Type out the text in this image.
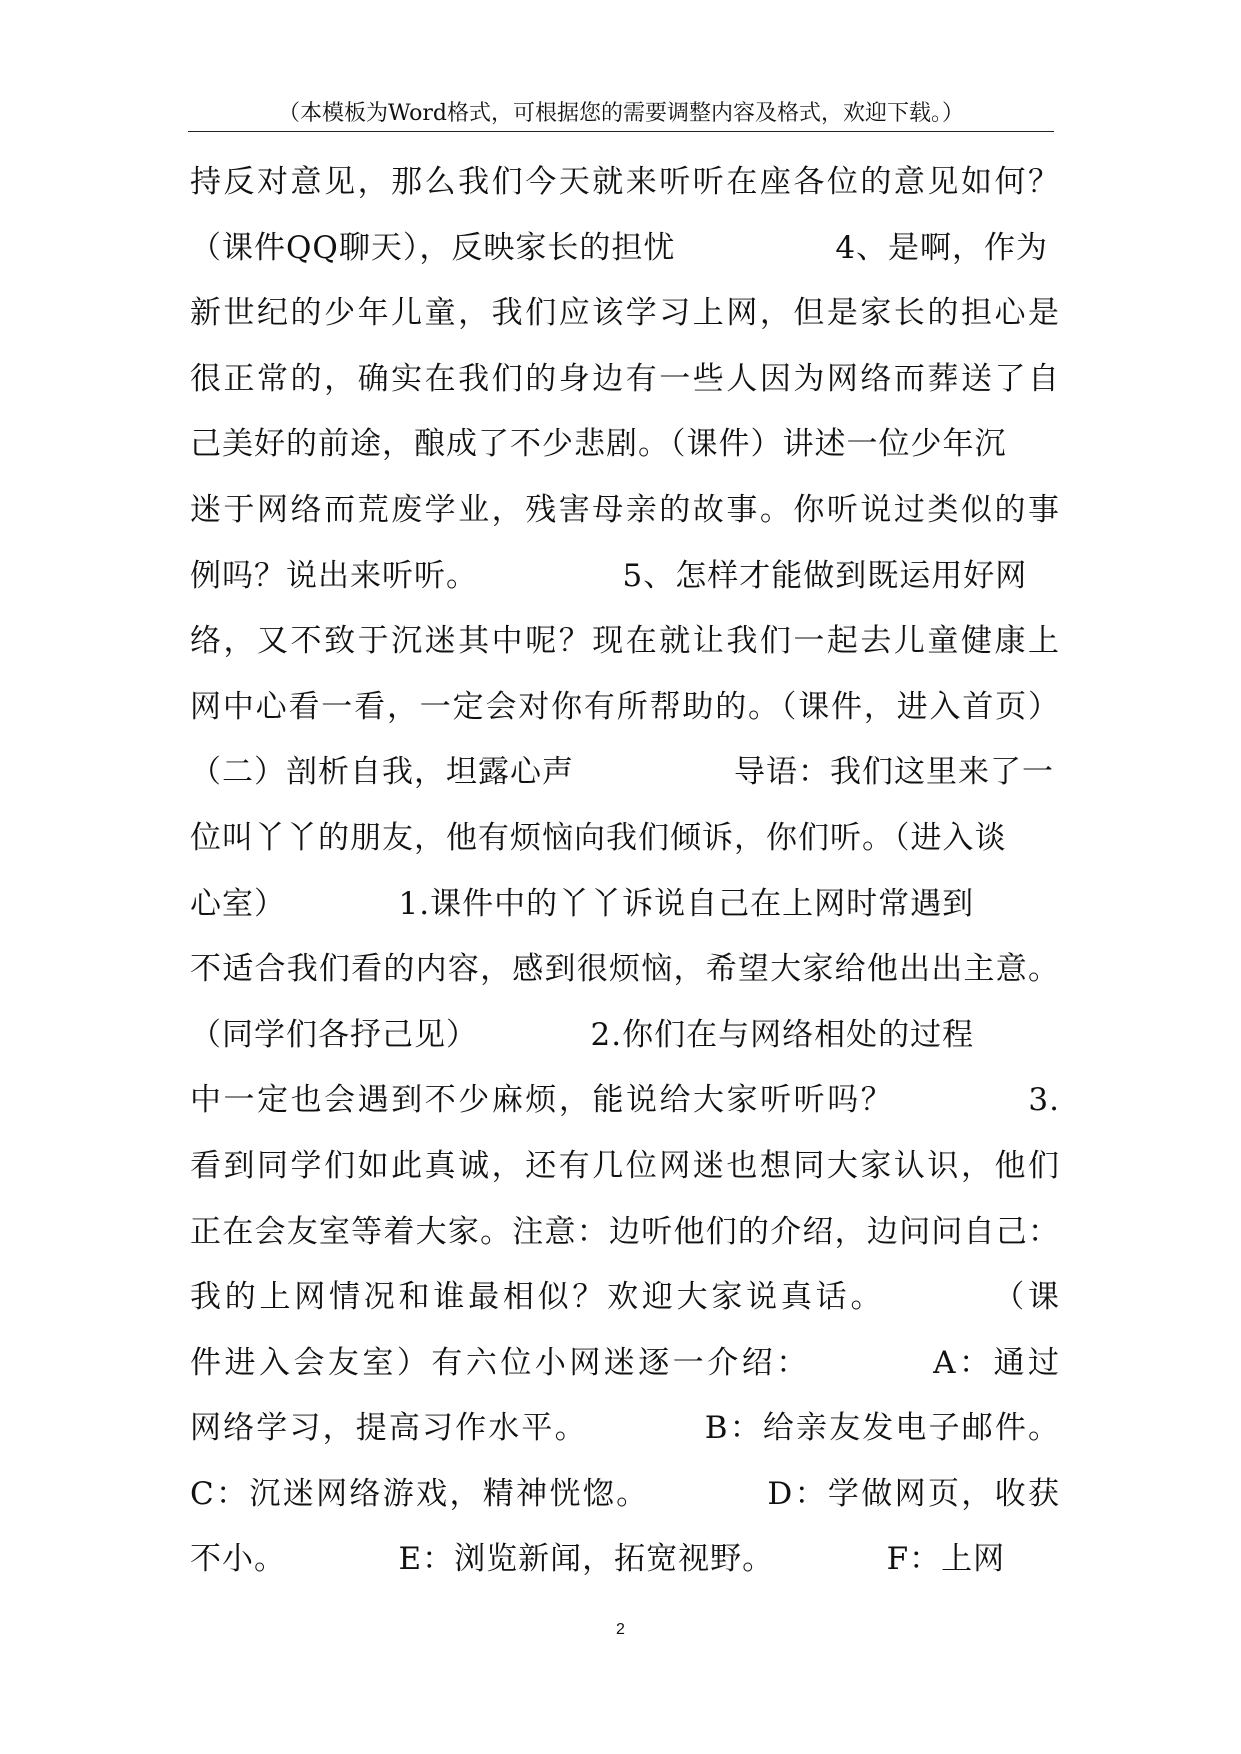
（本模板为Word格式，可根据您的需要调整内容及格式，欢迎下载。）
持反对意见，那么我们今天就来听听在座各位的意见如何？
（课件QQ聊天），反映家长的担忧　　　　　4、是啊，作为
新世纪的少年儿童，我们应该学习上网，但是家长的担心是
很正常的，确实在我们的身边有一些人因为网络而葬送了自
己美好的前途，酿成了不少悲剧。（课件）讲述一位少年沉
迷于网络而荒废学业，残害母亲的故事。你听说过类似的事
例吗？说出来听听。　　　　　5、怎样才能做到既运用好网
络，又不致于沉迷其中呢？现在就让我们一起去儿童健康上
网中心看一看，一定会对你有所帮助的。（课件，进入首页）
（二）剖析自我，坦露心声　　　　　导语：我们这里来了一
位叫丫丫的朋友，他有烦恼向我们倾诉，你们听。（进入谈
心室）　　　　1.课件中的丫丫诉说自己在上网时常遇到
不适合我们看的内容，感到很烦恼，希望大家给他出出主意。
（同学们各抒己见）　　　　2.你们在与网络相处的过程
中一定也会遇到不少麻烦，能说给大家听听吗？　　　　3.
看到同学们如此真诚，还有几位网迷也想同大家认识，他们
正在会友室等着大家。注意：边听他们的介绍，边问问自己：
我的上网情况和谁最相似？欢迎大家说真话。　　　　（课
件进入会友室）有六位小网迷逐一介绍：　　　　A：通过
网络学习，提高习作水平。　　　　B：给亲友发电子邮件。
C：沉迷网络游戏，精神恍惚。　　　　D：学做网页，收获
不小。　　　　E：浏览新闻，拓宽视野。　　　　F：上网
2
